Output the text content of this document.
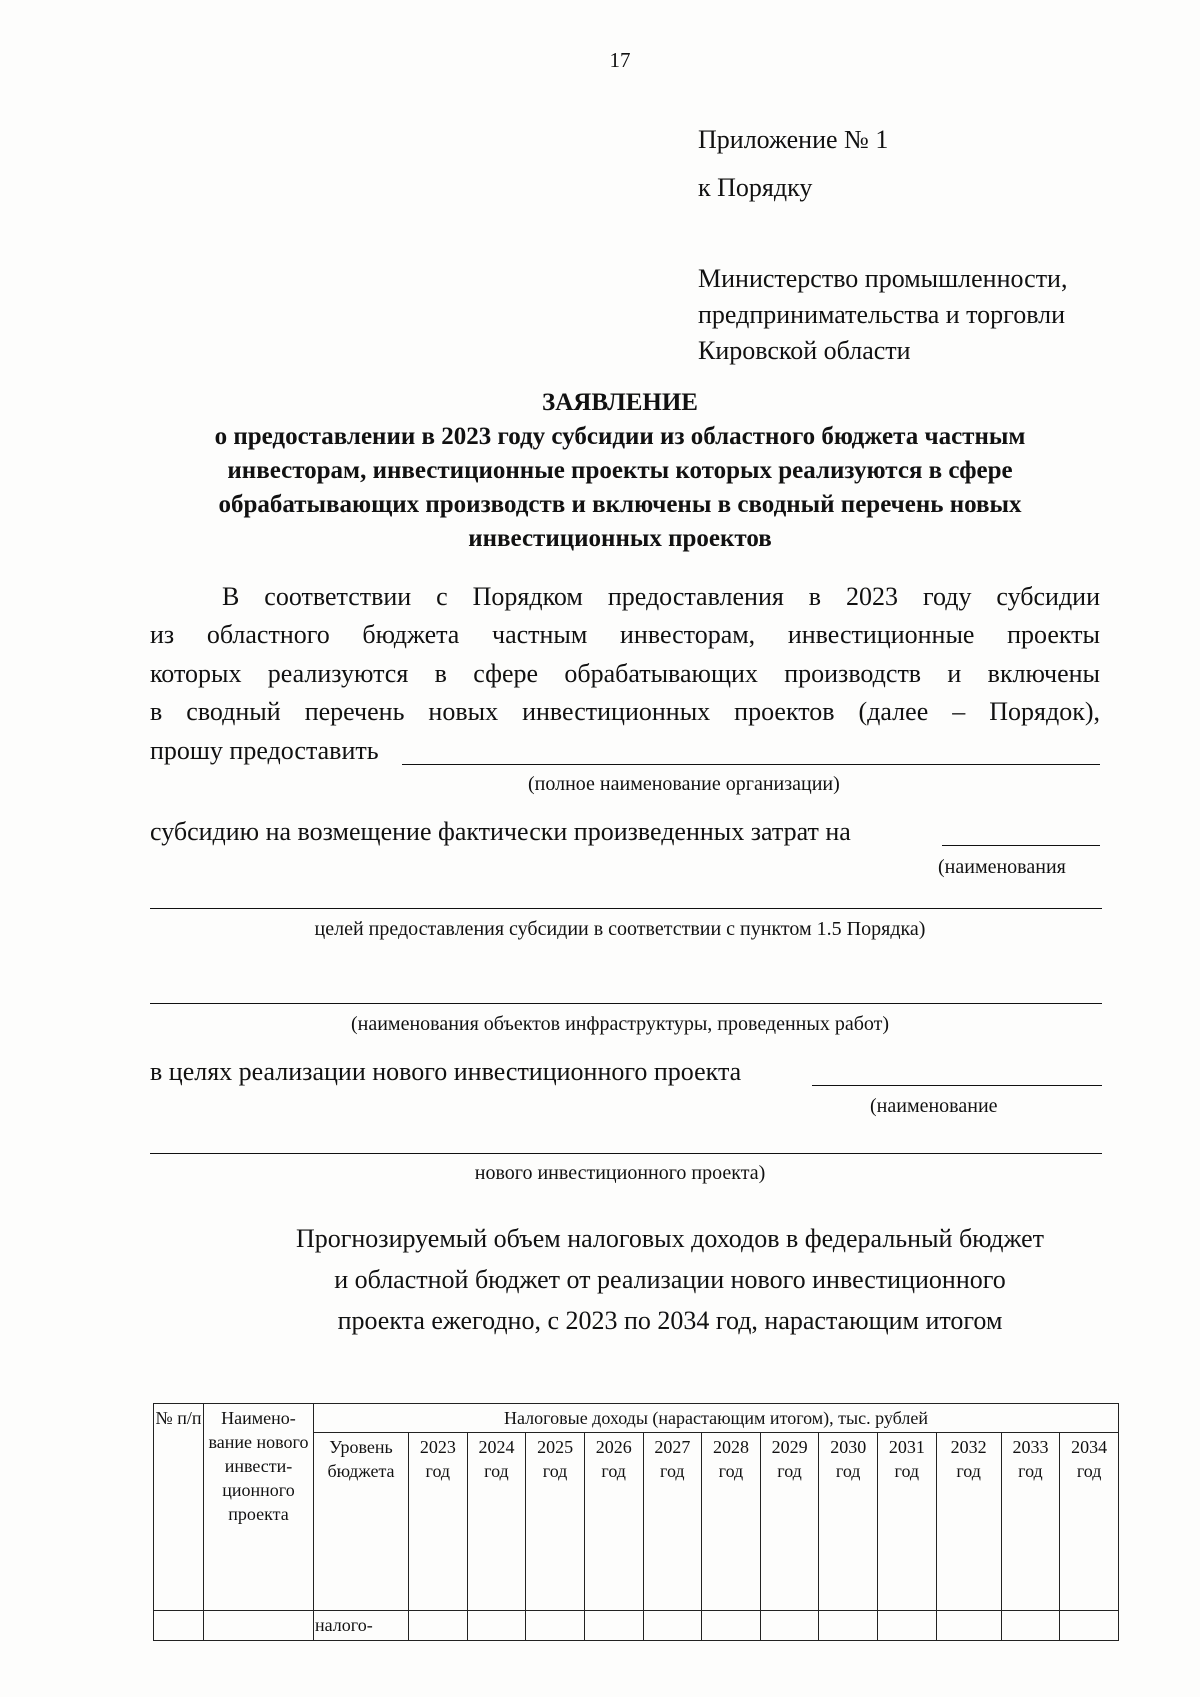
17
Приложение № 1
к Порядку
Министерство промышленности,
предпринимательства и торговли
Кировской области
ЗАЯВЛЕНИЕ
о предоставлении в 2023 году субсидии из областного бюджета частным
инвесторам, инвестиционные проекты которых реализуются в сфере
обрабатывающих производств и включены в сводный перечень новых
инвестиционных проектов
В соответствии с Порядком предоставления в 2023 году субсидии
из областного бюджета частным инвесторам, инвестиционные проекты
которых реализуются в сфере обрабатывающих производств и включены
в сводный перечень новых инвестиционных проектов (далее – Порядок),
прошу предоставить
(полное наименование организации)
субсидию на возмещение фактически произведенных затрат на
(наименования
целей предоставления субсидии в соответствии с пунктом 1.5 Порядка)
(наименования объектов инфраструктуры, проведенных работ)
в целях реализации нового инвестиционного проекта
(наименование
нового инвестиционного проекта)
Прогнозируемый объем налоговых доходов в федеральный бюджет
и областной бюджет от реализации нового инвестиционного
проекта ежегодно, с 2023 по 2034 год, нарастающим итогом
№ п/п	Наимено-вание нового инвести-ционного проекта	Налоговые доходы (нарастающим итогом), тыс. рублей												
		Уровень бюджета	2023 год	2024 год	2025 год	2026 год	2027 год	2028 год	2029 год	2030 год	2031 год	2032 год	2033 год	2034 год
		налого-												
